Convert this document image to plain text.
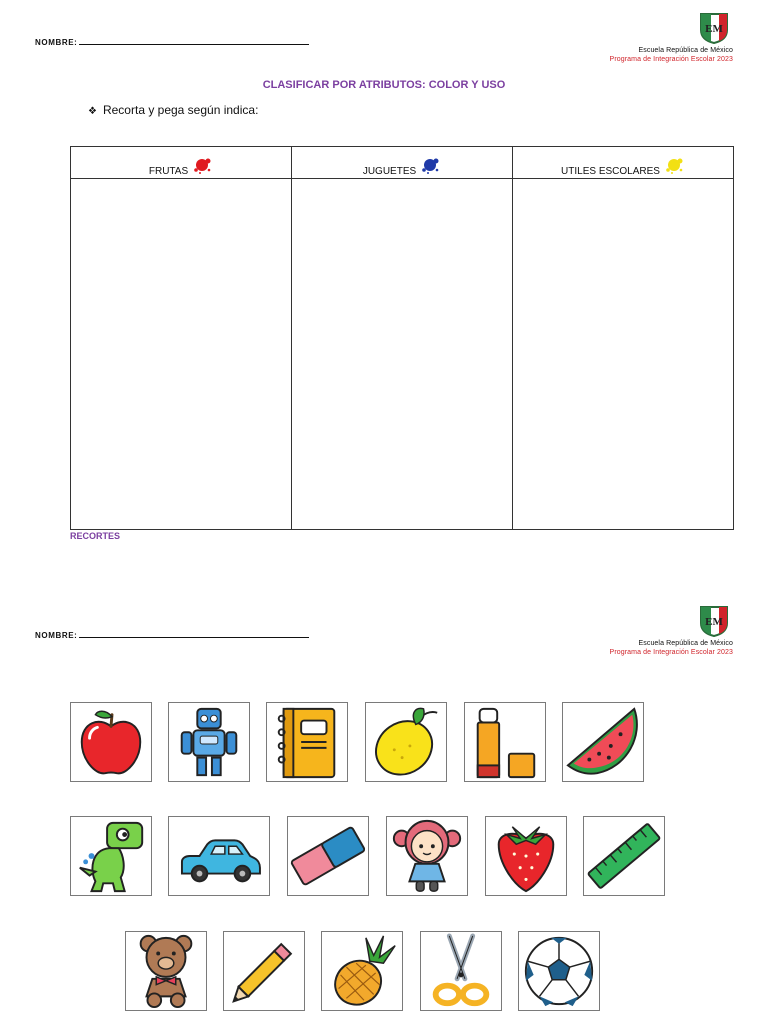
NOMBRE:
EM
Escuela República de México
Programa de Integración Escolar 2023
CLASIFICAR POR ATRIBUTOS: COLOR Y USO
❖ Recorta y pega según indica:
FRUTAS	JUGUETES	UTILES ESCOLARES

RECORTES
NOMBRE:
EM
Escuela República de México
Programa de Integración Escolar 2023
